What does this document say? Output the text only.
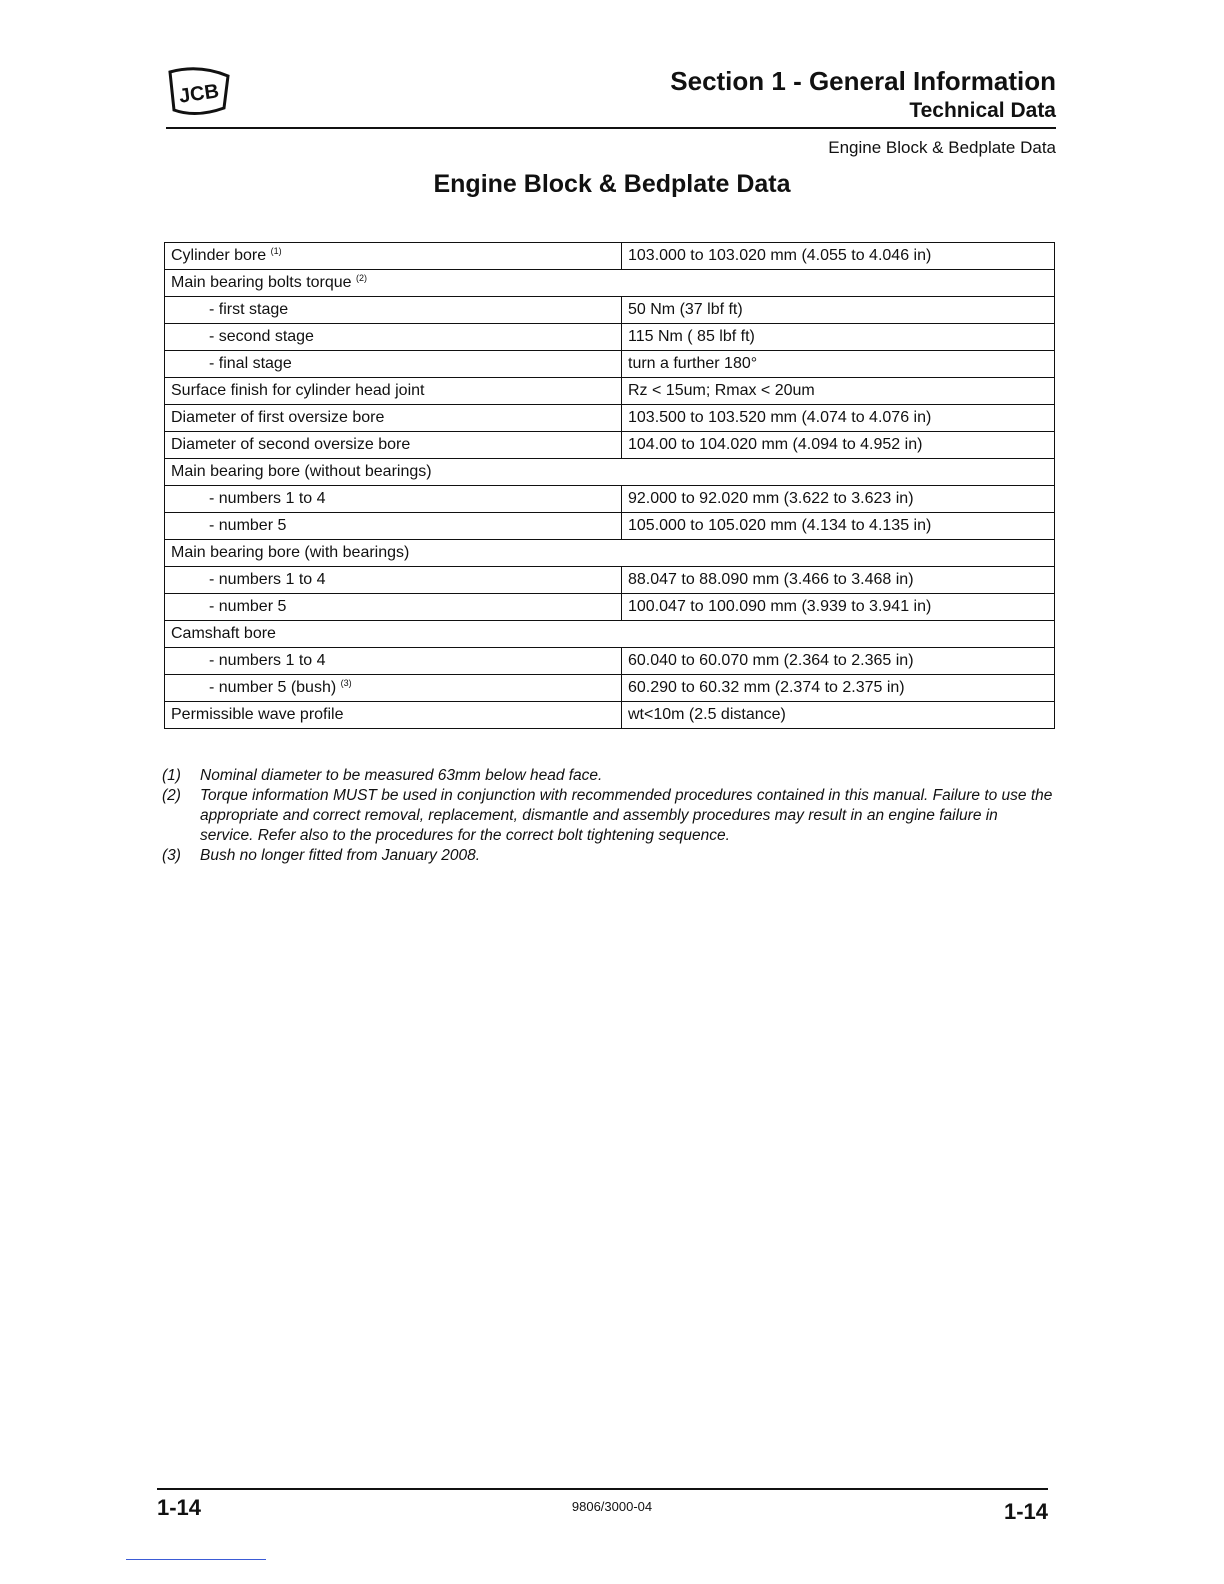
JCB	Section 1 - General Information
Technical Data
Engine Block & Bedplate Data
Engine Block & Bedplate Data
Cylinder bore $^{(1)}$	103.000 to 103.020 mm (4.055 to 4.046 in)
Main bearing bolts torque $^{(2)}$
- first stage	50 Nm (37 lbf ft)
- second stage	115 Nm ( 85 lbf ft)
- final stage	turn a further 180°
Surface finish for cylinder head joint	Rz < 15um; Rmax < 20um
Diameter of first oversize bore	103.500 to 103.520 mm (4.074 to 4.076 in)
Diameter of second oversize bore	104.00 to 104.020 mm (4.094 to 4.952 in)
Main bearing bore (without bearings)	
- numbers 1 to 4	92.000 to 92.020 mm (3.622 to 3.623 in)
- number 5	105.000 to 105.020 mm (4.134 to 4.135 in)
Main bearing bore (with bearings)	
- numbers 1 to 4	88.047 to 88.090 mm (3.466 to 3.468 in)
- number 5	100.047 to 100.090 mm (3.939 to 3.941 in)
Camshaft bore	
- numbers 1 to 4	60.040 to 60.070 mm (2.364 to 2.365 in)
- number 5 (bush) $^{(3)}$	60.290 to 60.32 mm (2.374 to 2.375 in)
Permissible wave profile	wt<10m (2.5 distance)
(1)	Nominal diameter to be measured 63mm below head face.
(2)	Torque information MUST be used in conjunction with recommended procedures contained in this manual. Failure to use the appropriate and correct removal, replacement, dismantle and assembly procedures may result in an engine failure in service. Refer also to the procedures for the correct bolt tightening sequence.
(3)	Bush no longer fitted from January 2008.
1-14	9806/3000-04	1-14
